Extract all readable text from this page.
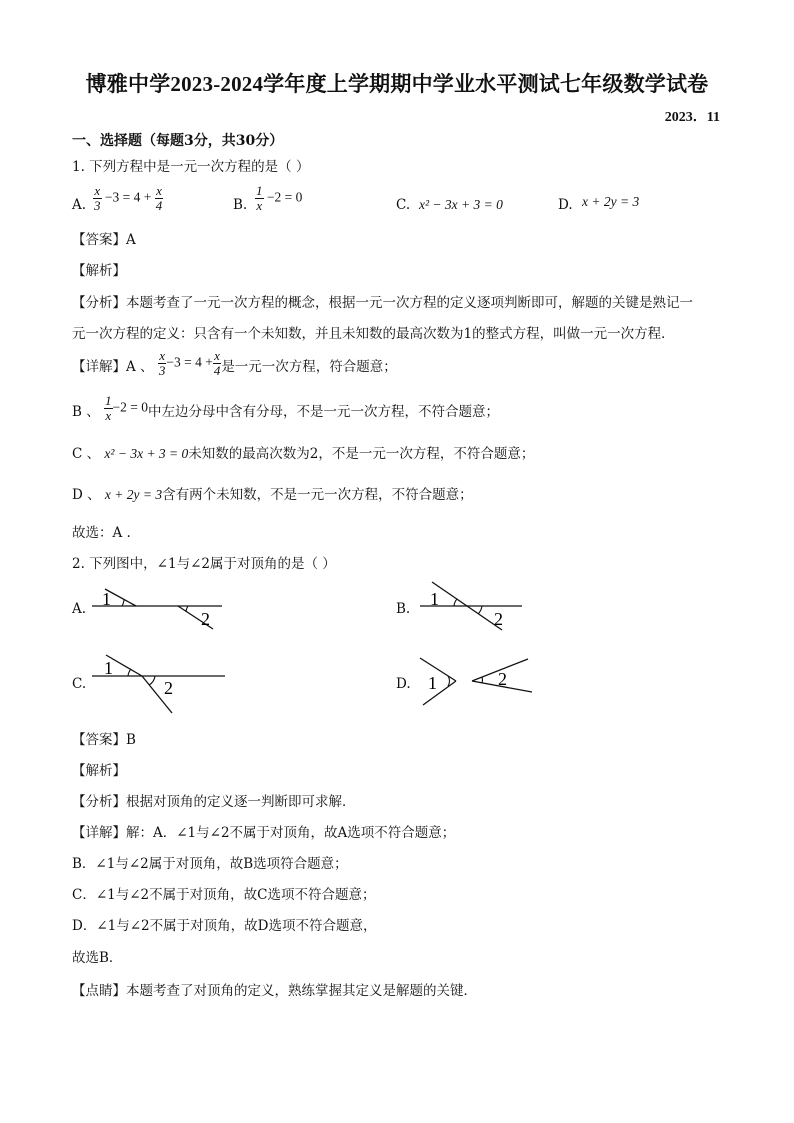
博雅中学2023-2024学年度上学期期中学业水平测试七年级数学试卷
2023．11
一、选择题（每题3分，共30分）
1. 下列方程中是一元一次方程的是（ ）
A. $\frac{x}{3} -3 = 4 + \frac{x}{4}$	B. $\frac{1}{x} -2 = 0$	C. x² − 3x + 3 = 0	D. x + 2y = 3
【答案】A
【解析】
【分析】本题考查了一元一次方程的概念，根据一元一次方程的定义逐项判断即可，解题的关键是熟记一
元一次方程的定义：只含有一个未知数，并且未知数的最高次数为1的整式方程，叫做一元一次方程．
【详解】A 、 $\frac{x}{3} -3 = 4 + \frac{x}{4}$ 是一元一次方程，符合题意；
B 、 $\frac{1}{x} -2 = 0$中左边分母中含有分母，不是一元一次方程，不符合题意；
C 、 x² − 3x + 3 = 0未知数的最高次数为2，不是一元一次方程，不符合题意；
D 、 x + 2y = 3含有两个未知数，不是一元一次方程，不符合题意；
故选：A .
2. 下列图中，∠1与∠2属于对顶角的是（ ）
A. 1
2	B. 1
2
C.
1
2	D. 1	2
【答案】B
【解析】
【分析】根据对顶角的定义逐一判断即可求解．
【详解】解：A．∠1与∠2不属于对顶角，故A选项不符合题意；
B．∠1与∠2属于对顶角，故B选项符合题意；
C．∠1与∠2不属于对顶角，故C选项不符合题意；
D．∠1与∠2不属于对顶角，故D选项不符合题意，
故选B．
【点睛】本题考查了对顶角的定义，熟练掌握其定义是解题的关键．
